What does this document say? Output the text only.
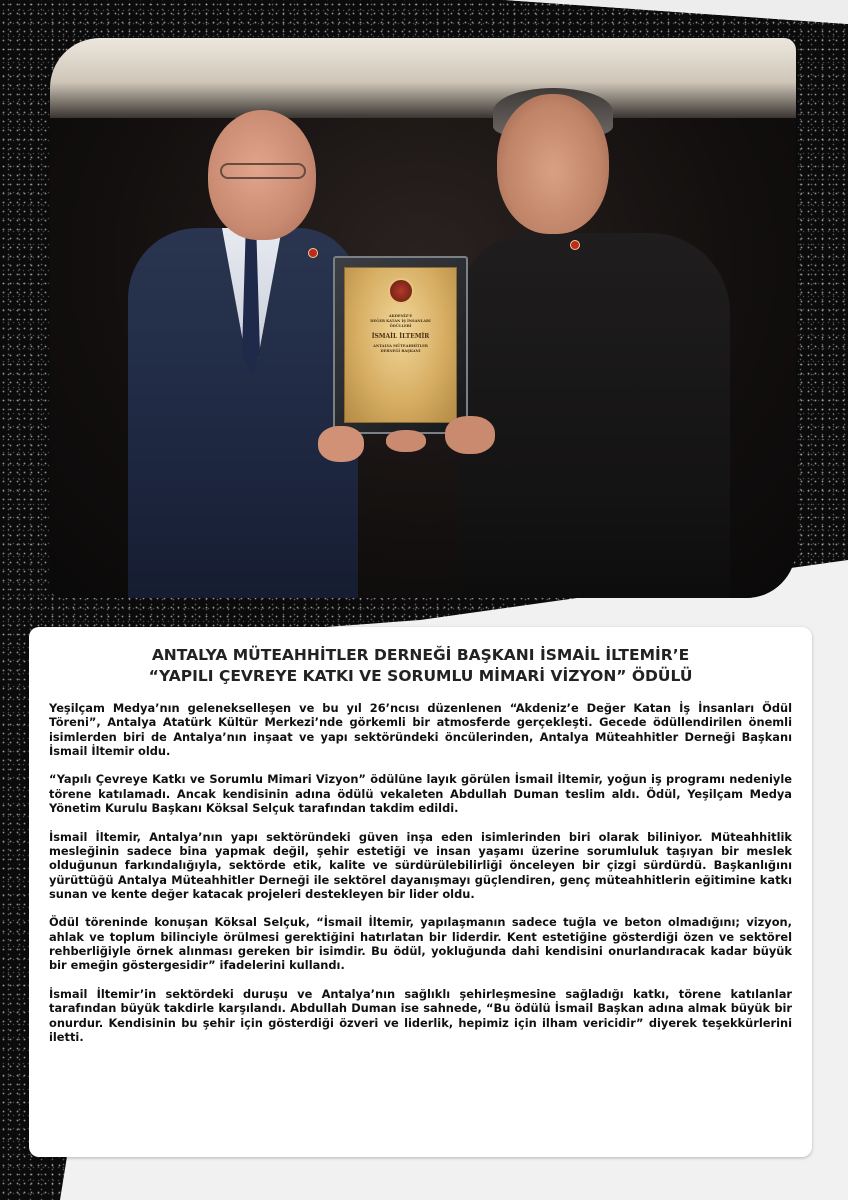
AKDENİZ’E
DEĞER KATAN İŞ İNSANLARI
ÖDÜLLERİ
İSMAİL İLTEMİR
ANTALYA MÜTEAHHİTLER
DERNEĞİ BAŞKANI
ANTALYA MÜTEAHHİTLER DERNEĞİ BAŞKANI İSMAİL İLTEMİR’E
“YAPILI ÇEVREYE KATKI VE SORUMLU MİMARİ VİZYON” ÖDÜLÜ

Yeşilçam Medya’nın gelenekselleşen ve bu yıl 26’ncısı düzenlenen “Akdeniz’e Değer Katan İş İnsanları Ödül Töreni”, Antalya Atatürk Kültür Merkezi’nde görkemli bir atmosferde gerçekleşti. Gecede ödüllendirilen önemli isimlerden biri de Antalya’nın inşaat ve yapı sektöründeki öncülerinden, Antalya Müteahhitler Derneği Başkanı İsmail İltemir oldu.

“Yapılı Çevreye Katkı ve Sorumlu Mimari Vizyon” ödülüne layık görülen İsmail İltemir, yoğun iş programı nedeniyle törene katılamadı. Ancak kendisinin adına ödülü vekaleten Abdullah Duman teslim aldı. Ödül, Yeşilçam Medya Yönetim Kurulu Başkanı Köksal Selçuk tarafından takdim edildi.

İsmail İltemir, Antalya’nın yapı sektöründeki güven inşa eden isimlerinden biri olarak biliniyor. Müteahhitlik mesleğinin sadece bina yapmak değil, şehir estetiği ve insan yaşamı üzerine sorumluluk taşıyan bir meslek olduğunun farkındalığıyla, sektörde etik, kalite ve sürdürülebilirliği önceleyen bir çizgi sürdürdü. Başkanlığını yürüttüğü Antalya Müteahhitler Derneği ile sektörel dayanışmayı güçlendiren, genç müteahhitlerin eğitimine katkı sunan ve kente değer katacak projeleri destekleyen bir lider oldu.

Ödül töreninde konuşan Köksal Selçuk, “İsmail İltemir, yapılaşmanın sadece tuğla ve beton olmadığını; vizyon, ahlak ve toplum bilinciyle örülmesi gerektiğini hatırlatan bir liderdir. Kent estetiğine gösterdiği özen ve sektörel rehberliğiyle örnek alınması gereken bir isimdir. Bu ödül, yokluğunda dahi kendisini onurlandıracak kadar büyük bir emeğin göstergesidir” ifadelerini kullandı.

İsmail İltemir’in sektördeki duruşu ve Antalya’nın sağlıklı şehirleşmesine sağladığı katkı, törene katılanlar tarafından büyük takdirle karşılandı. Abdullah Duman ise sahnede, “Bu ödülü İsmail Başkan adına almak büyük bir onurdur. Kendisinin bu şehir için gösterdiği özveri ve liderlik, hepimiz için ilham vericidir” diyerek teşekkürlerini iletti.
